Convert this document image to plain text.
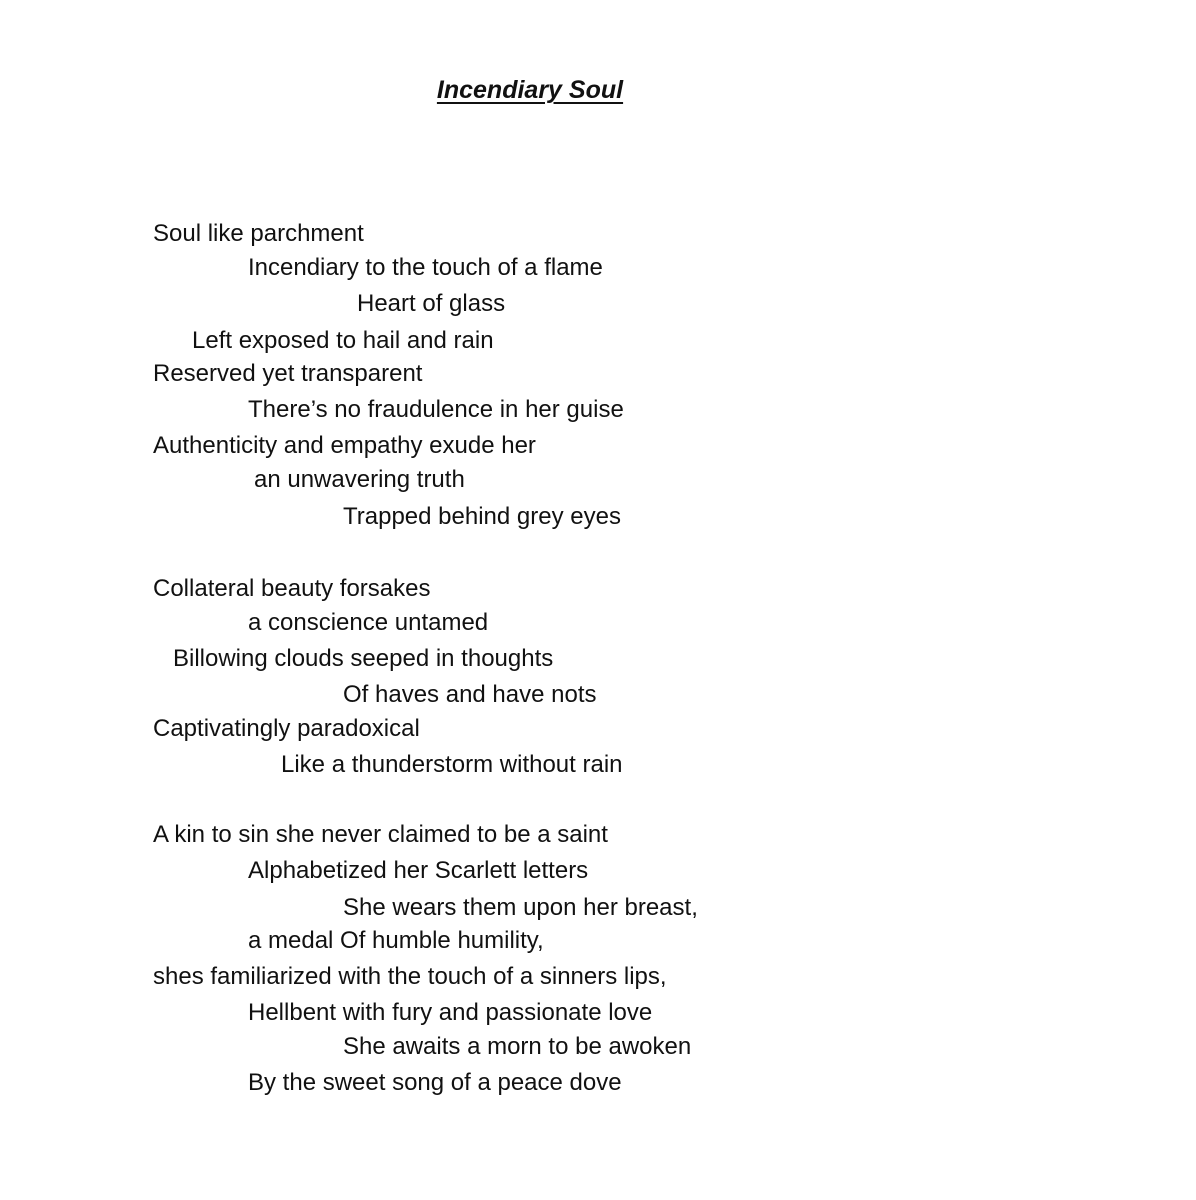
Incendiary Soul

Soul like parchment

Incendiary to the touch of a flame

Heart of glass

Left exposed to hail and rain

Reserved yet transparent

There’s no fraudulence in her guise

Authenticity and empathy exude her

an unwavering truth

Trapped behind grey eyes

Collateral beauty forsakes

a conscience untamed

Billowing clouds seeped in thoughts

Of haves and have nots

Captivatingly paradoxical

Like a thunderstorm without rain

A kin to sin she never claimed to be a saint

Alphabetized her Scarlett letters

She wears them upon her breast,

a medal Of humble humility,

shes familiarized with the touch of a sinners lips,

Hellbent with fury and passionate love

She awaits a morn to be awoken

By the sweet song of a peace dove
